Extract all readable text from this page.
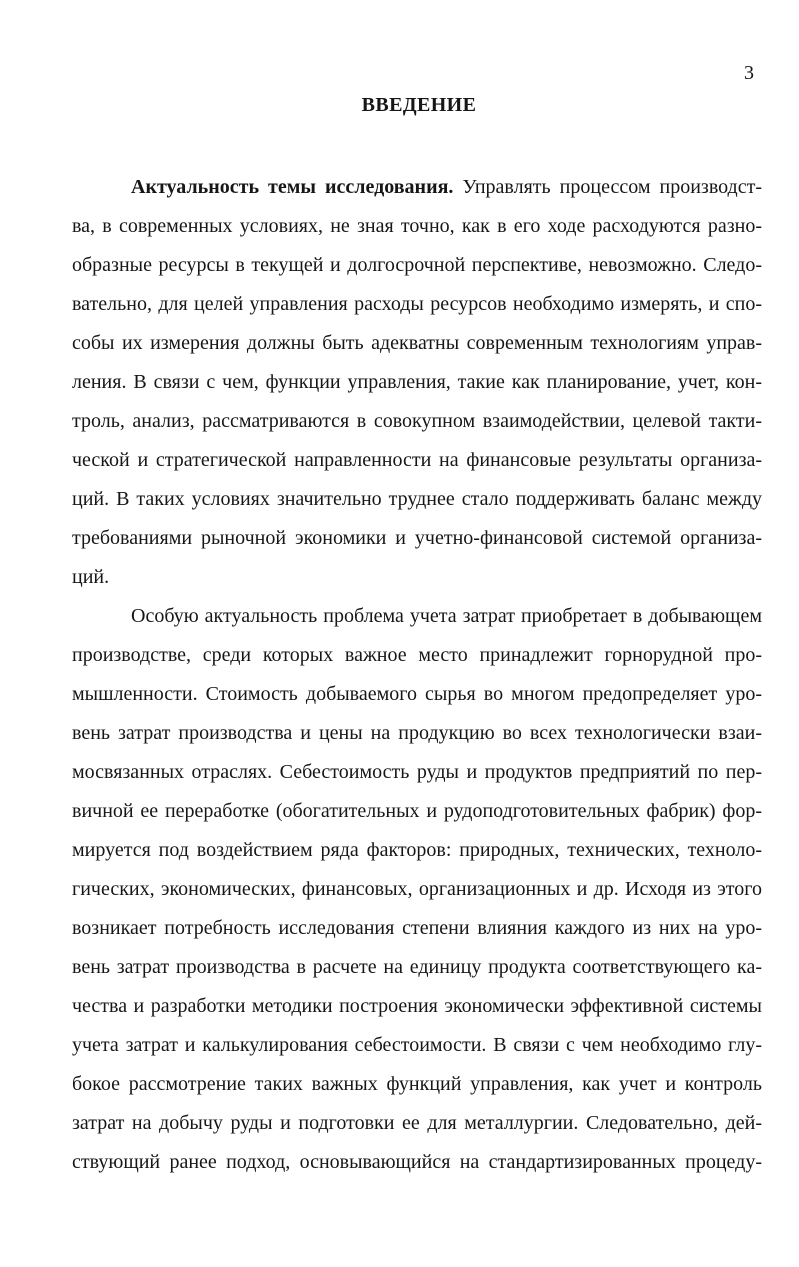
3
ВВЕДЕНИЕ
Актуальность темы исследования. Управлять процессом производст-
ва, в современных условиях, не зная точно, как в его ходе расходуются разно-
образные ресурсы в текущей и долгосрочной перспективе, невозможно. Следо-
вательно, для целей управления расходы ресурсов необходимо измерять, и спо-
собы их измерения должны быть адекватны современным технологиям управ-
ления. В связи с чем, функции управления, такие как планирование, учет, кон-
троль, анализ, рассматриваются в совокупном взаимодействии, целевой такти-
ческой и стратегической направленности на финансовые результаты организа-
ций. В таких условиях значительно труднее стало поддерживать баланс между
требованиями рыночной экономики и учетно-финансовой системой организа-
ций.
Особую актуальность проблема учета затрат приобретает в добывающем
производстве, среди которых важное место принадлежит горнорудной про-
мышленности. Стоимость добываемого сырья во многом предопределяет уро-
вень затрат производства и цены на продукцию во всех технологически взаи-
мосвязанных отраслях. Себестоимость руды и продуктов предприятий по пер-
вичной ее переработке (обогатительных и рудоподготовительных фабрик) фор-
мируется под воздействием ряда факторов: природных, технических, техноло-
гических, экономических, финансовых, организационных и др. Исходя из этого
возникает потребность исследования степени влияния каждого из них на уро-
вень затрат производства в расчете на единицу продукта соответствующего ка-
чества и разработки методики построения экономически эффективной системы
учета затрат и калькулирования себестоимости. В связи с чем необходимо глу-
бокое рассмотрение таких важных функций управления, как учет и контроль
затрат на добычу руды и подготовки ее для металлургии. Следовательно, дей-
ствующий ранее подход, основывающийся на стандартизированных процеду-
